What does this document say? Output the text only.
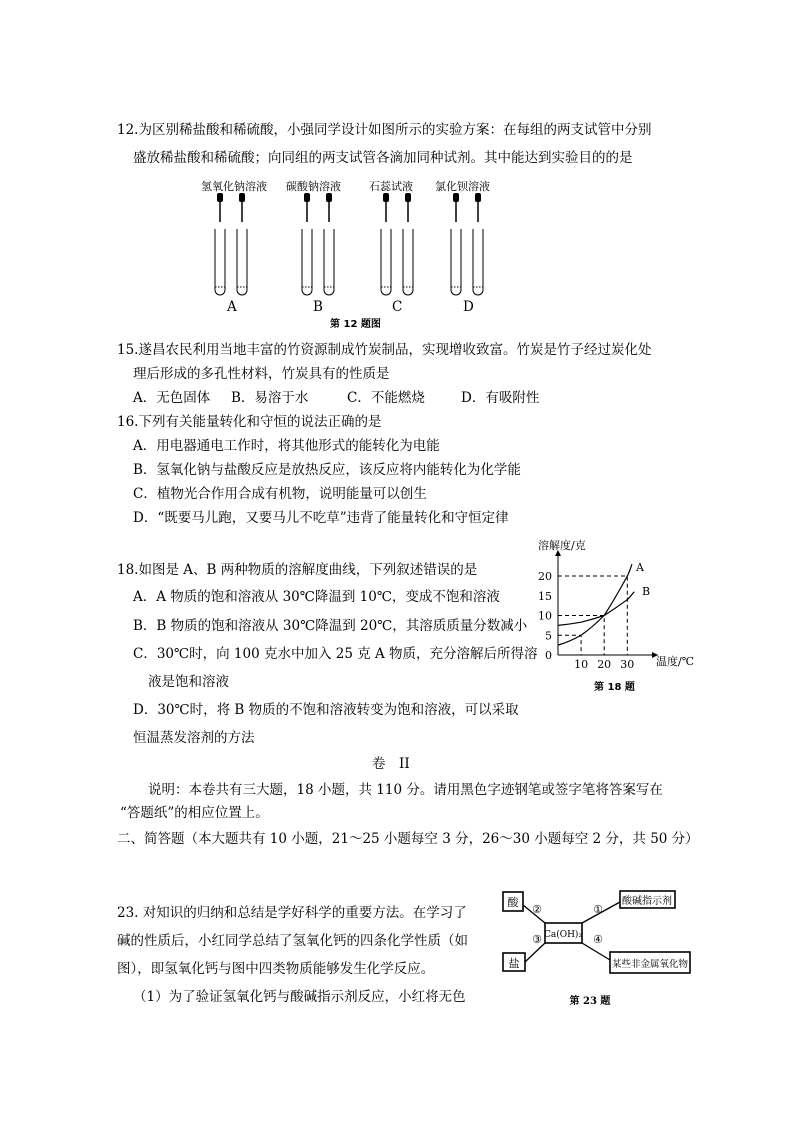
12.为区别稀盐酸和稀硫酸，小强同学设计如图所示的实验方案：在每组的两支试管中分别
盛放稀盐酸和稀硫酸；向同组的两支试管各滴加同种试剂。其中能达到实验目的的是
氢氧化钠溶液 碳酸钠溶液	石蕊试液 氯化钡溶液
A	B	C	D
第 12 题图
15.遂昌农民利用当地丰富的竹资源制成竹炭制品，实现增收致富。竹炭是竹子经过炭化处
理后形成的多孔性材料，竹炭具有的性质是
A．无色固体 B．易溶于水	C．不能燃烧	D．有吸附性
16.下列有关能量转化和守恒的说法正确的是
A．用电器通电工作时，将其他形式的能转化为电能
B．氢氧化钠与盐酸反应是放热反应，该反应将内能转化为化学能
C．植物光合作用合成有机物，说明能量可以创生
D．“既要马儿跑，又要马儿不吃草”违背了能量转化和守恒定律
18.如图是 A、B 两种物质的溶解度曲线，下列叙述错误的是
A．A 物质的饱和溶液从 30℃降温到 10℃，变成不饱和溶液
B．B 物质的饱和溶液从 30℃降温到 20℃，其溶质质量分数减小
C．30℃时，向 100 克水中加入 25 克 A 物质，充分溶解后所得溶
液是饱和溶液
D．30℃时，将 B 物质的不饱和溶液转变为饱和溶液，可以采取
恒温蒸发溶剂的方法
0
5
10
15
20
10 20 30
溶解度/克
温度/℃
A
B
第 18 题
卷　II
说明：本卷共有三大题，18 小题，共 110 分。请用黑色字迹钢笔或签字笔将答案写在
“答题纸”的相应位置上。
二、简答题（本大题共有 10 小题，21～25 小题每空 3 分，26～30 小题每空 2 分，共 50 分）
23. 对知识的归纳和总结是学好科学的重要方法。在学习了
碱的性质后，小红同学总结了氢氧化钙的四条化学性质（如
图），即氢氧化钙与图中四类物质能够发生化学反应。
（1）为了验证氢氧化钙与酸碱指示剂反应，小红将无色
酸
Ca(OH)₂
酸碱指示剂
盐	某些非金属氧化物
①
②
③	④
第 23 题
